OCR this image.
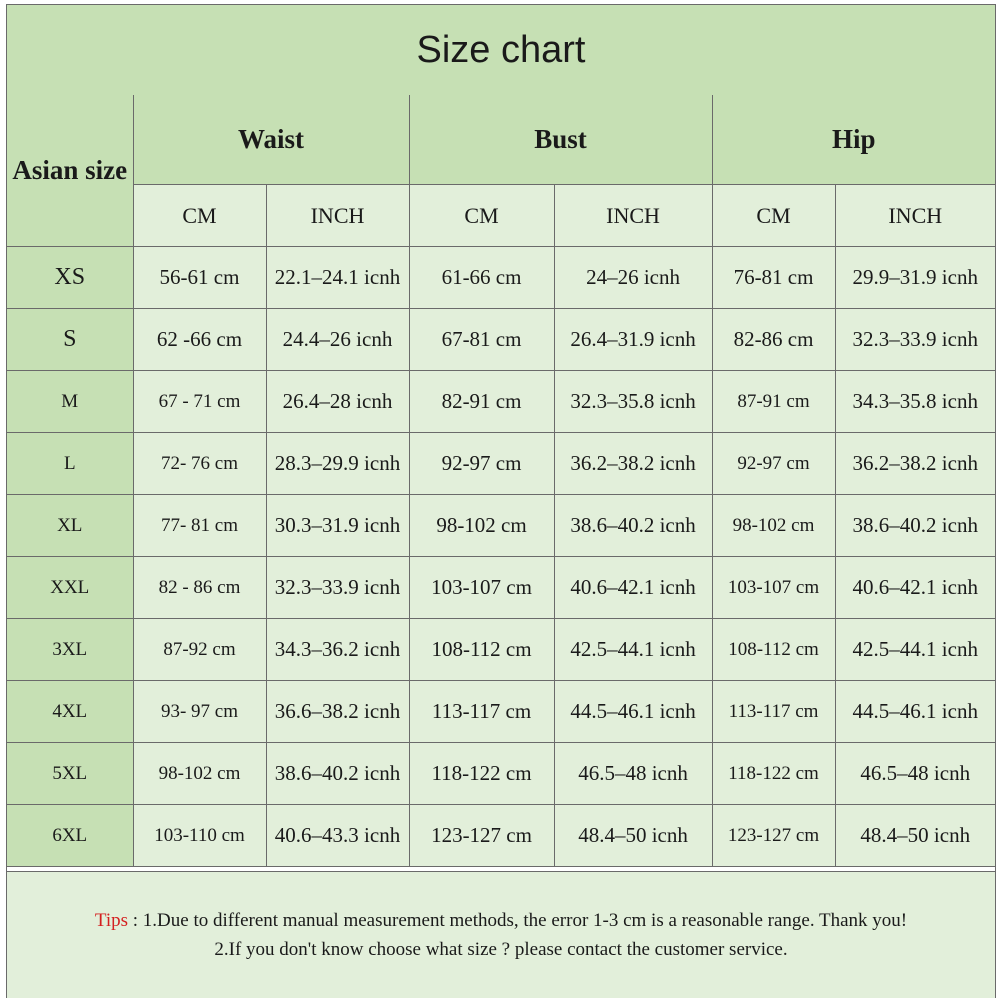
Size chart
Asian size	Waist		Bust		Hip	
	CM	INCH	CM	INCH	CM	INCH
XS	56-61 cm	22.1–24.1 icnh	61-66 cm	24–26 icnh	76-81 cm	29.9–31.9 icnh
S	62 -66 cm	24.4–26 icnh	67-81 cm	26.4–31.9 icnh	82-86 cm	32.3–33.9 icnh
M	67 - 71 cm	26.4–28 icnh	82-91 cm	32.3–35.8 icnh	87-91 cm	34.3–35.8 icnh
L	72- 76 cm	28.3–29.9 icnh	92-97 cm	36.2–38.2 icnh	92-97 cm	36.2–38.2 icnh
XL	77- 81 cm	30.3–31.9 icnh	98-102 cm	38.6–40.2 icnh	98-102 cm	38.6–40.2 icnh
XXL	82 - 86 cm	32.3–33.9 icnh	103-107 cm	40.6–42.1 icnh	103-107 cm	40.6–42.1 icnh
3XL	87-92 cm	34.3–36.2 icnh	108-112 cm	42.5–44.1 icnh	108-112 cm	42.5–44.1 icnh
4XL	93- 97 cm	36.6–38.2 icnh	113-117 cm	44.5–46.1 icnh	113-117 cm	44.5–46.1 icnh
5XL	98-102 cm	38.6–40.2 icnh	118-122 cm	46.5–48 icnh	118-122 cm	46.5–48 icnh
6XL	103-110 cm	40.6–43.3 icnh	123-127 cm	48.4–50 icnh	123-127 cm	48.4–50 icnh
Tips : 1.Due to different manual measurement methods, the error 1-3 cm is a reasonable range. Thank you!
2.If you don't know choose what size ? please contact the customer service.
